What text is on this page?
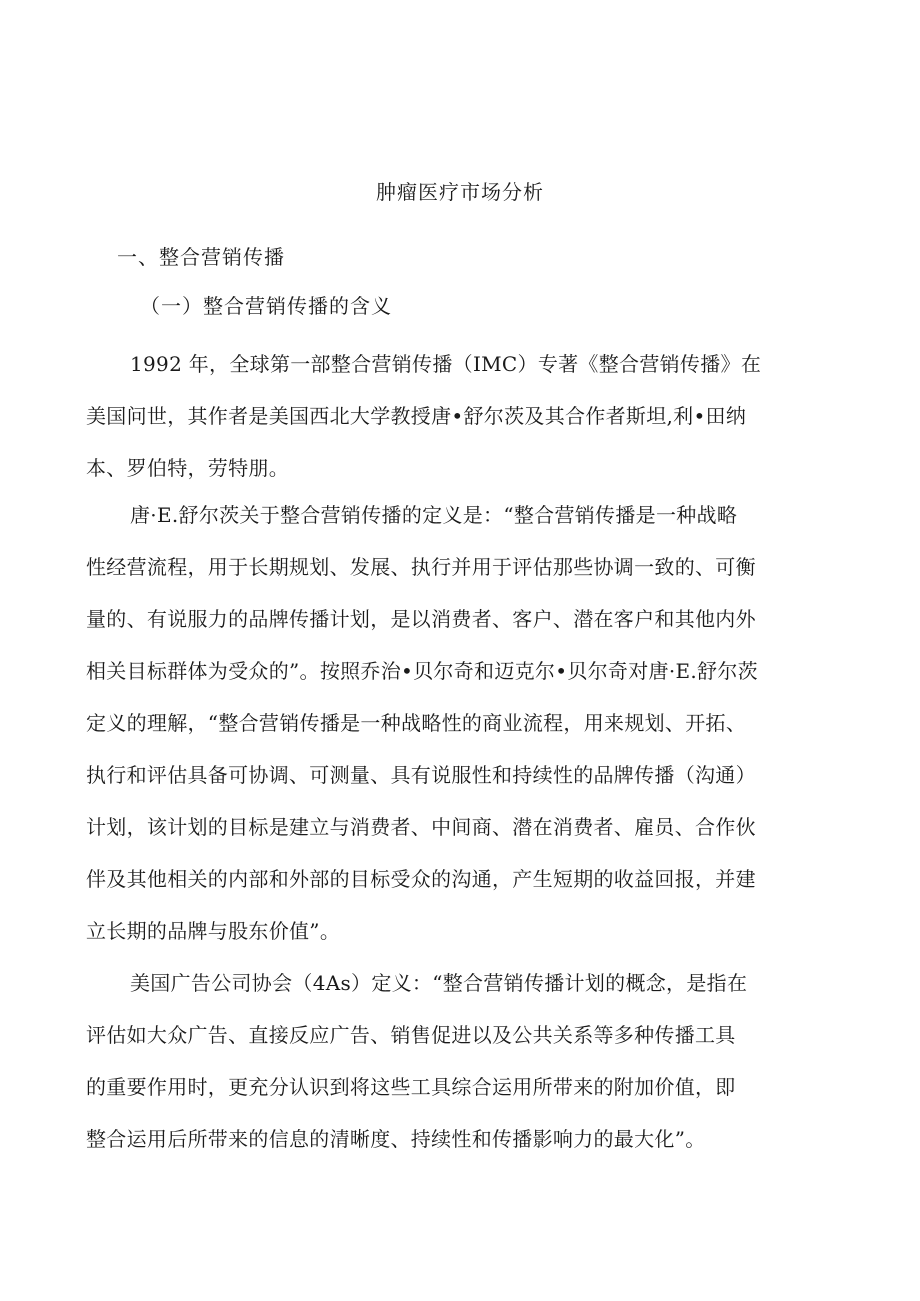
肿瘤医疗市场分析
一、整合营销传播
（一）整合营销传播的含义

1992 年，全球第一部整合营销传播（IMC）专著《整合营销传播》在
美国问世，其作者是美国西北大学教授唐•舒尔茨及其合作者斯坦,利•田纳
本、罗伯特，劳特朋。

唐·E.舒尔茨关于整合营销传播的定义是：“整合营销传播是一种战略
性经营流程，用于长期规划、发展、执行并用于评估那些协调一致的、可衡
量的、有说服力的品牌传播计划，是以消费者、客户、潜在客户和其他内外
相关目标群体为受众的”。按照乔治•贝尔奇和迈克尔•贝尔奇对唐·E.舒尔茨
定义的理解，“整合营销传播是一种战略性的商业流程，用来规划、开拓、
执行和评估具备可协调、可测量、具有说服性和持续性的品牌传播（沟通）
计划，该计划的目标是建立与消费者、中间商、潜在消费者、雇员、合作伙
伴及其他相关的内部和外部的目标受众的沟通，产生短期的收益回报，并建
立长期的品牌与股东价值”。

美国广告公司协会（4As）定义：“整合营销传播计划的概念，是指在
评估如大众广告、直接反应广告、销售促进以及公共关系等多种传播工具
的重要作用时，更充分认识到将这些工具综合运用所带来的附加价值，即
整合运用后所带来的信息的清晰度、持续性和传播影响力的最大化”。
